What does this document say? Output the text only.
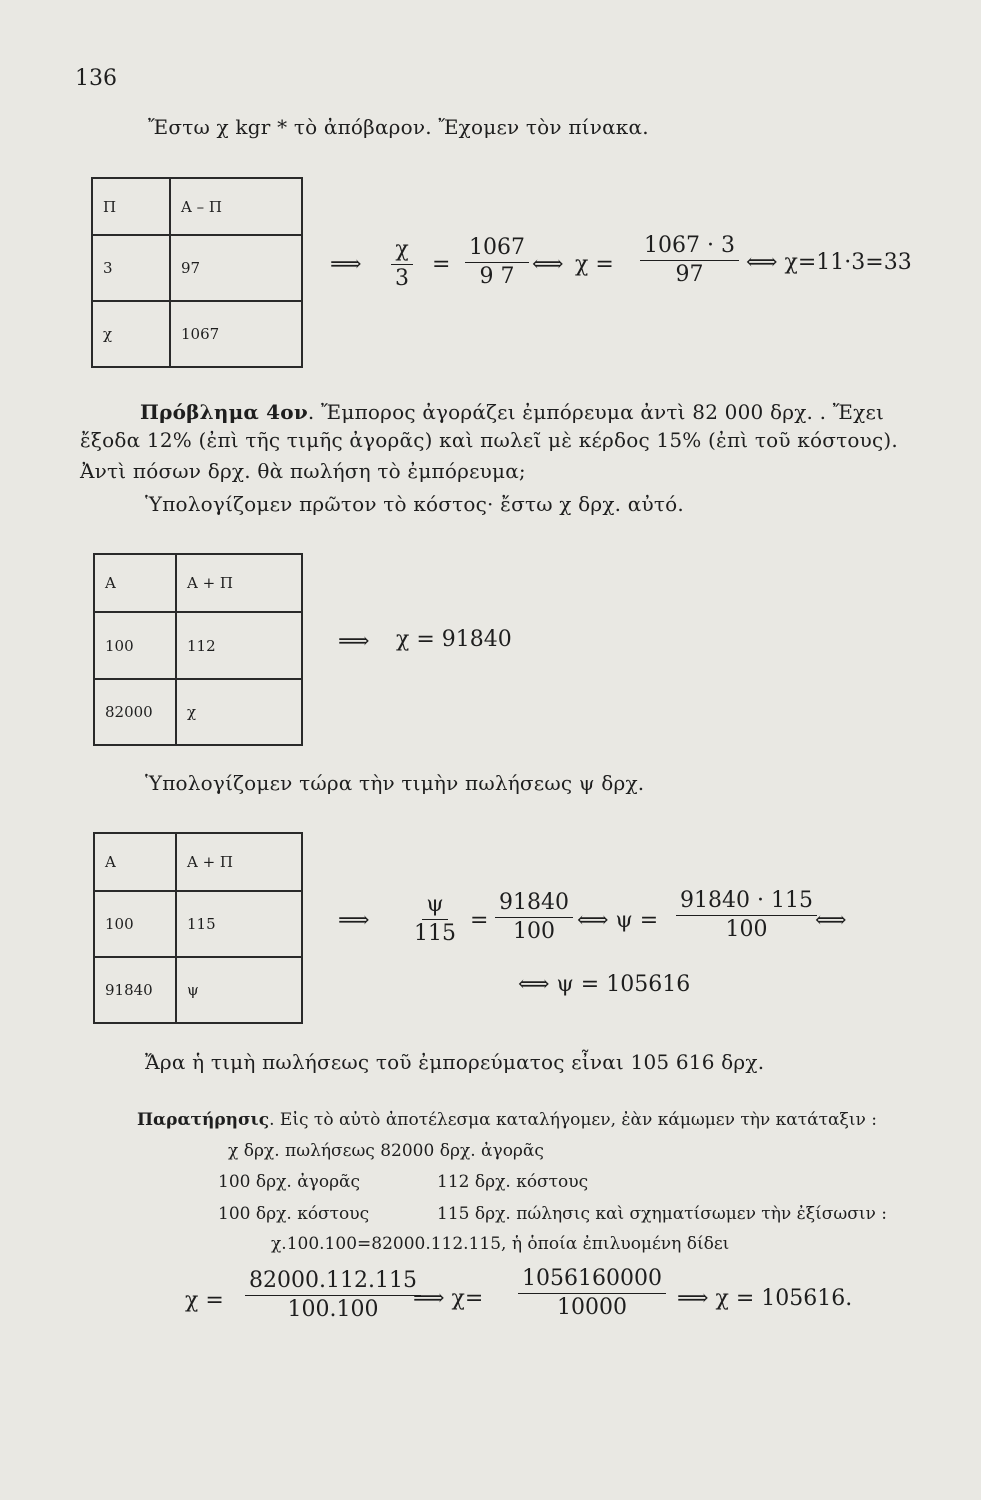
136
Ἔστω χ kgr * τὸ ἀπόβαρον. Ἔχομεν τὸν πίνακα.
Π	Α – Π
3	97
χ	1067
⟹ $\frac{\chi}{3} = \frac{1067}{9 7}$ ⟺ $\chi = \frac{1067 \cdot 3}{97}$ ⟺ χ=11·3=33
Πρόβλημα 4ον. Ἔμπορος ἀγοράζει ἐμπόρευμα ἀντὶ 82 000 δρχ. . Ἔχει
ἔξοδα 12% (ἐπὶ τῆς τιμῆς ἀγορᾶς) καὶ πωλεῖ μὲ κέρδος 15% (ἐπὶ τοῦ κόστους).
Ἀντὶ πόσων δρχ. θὰ πωλήση τὸ ἐμπόρευμα;
Ὑπολογίζομεν πρῶτον τὸ κόστος· ἔστω χ δρχ. αὐτό.
Α	Α + Π
100	112
82000	χ
⟹ χ = 91840
Ὑπολογίζομεν τώρα τὴν τιμὴν πωλήσεως ψ δρχ.
Α	Α + Π
100	115
91840	ψ
⟹ $\frac{\psi}{115} = \frac{91840}{100}$ ⟺ $\psi = \frac{91840 \cdot 115}{100}$
⟺
⟺ ψ = 105616
Ἄρα ἡ τιμὴ πωλήσεως τοῦ ἐμπορεύματος εἶναι 105 616 δρχ.
Παρατήρησις. Εἰς τὸ αὐτὸ ἀποτέλεσμα καταλήγομεν, ἐὰν κάμωμεν τὴν κατάταξιν :
χ δρχ. πωλήσεως 82000 δρχ. ἀγορᾶς
100 δρχ. ἀγορᾶς	112 δρχ. κόστους
100 δρχ. κόστους	115 δρχ. πώλησις καὶ σχηματίσωμεν τὴν ἐξίσωσιν :
χ.100.100=82000.112.115, ἡ ὁποία ἐπιλυομένη δίδει
$\chi = \frac{82000.112.115}{100.100}$
⟹ $\chi= \frac{1056160000}{10000}$ ⟹ χ = 105616.
